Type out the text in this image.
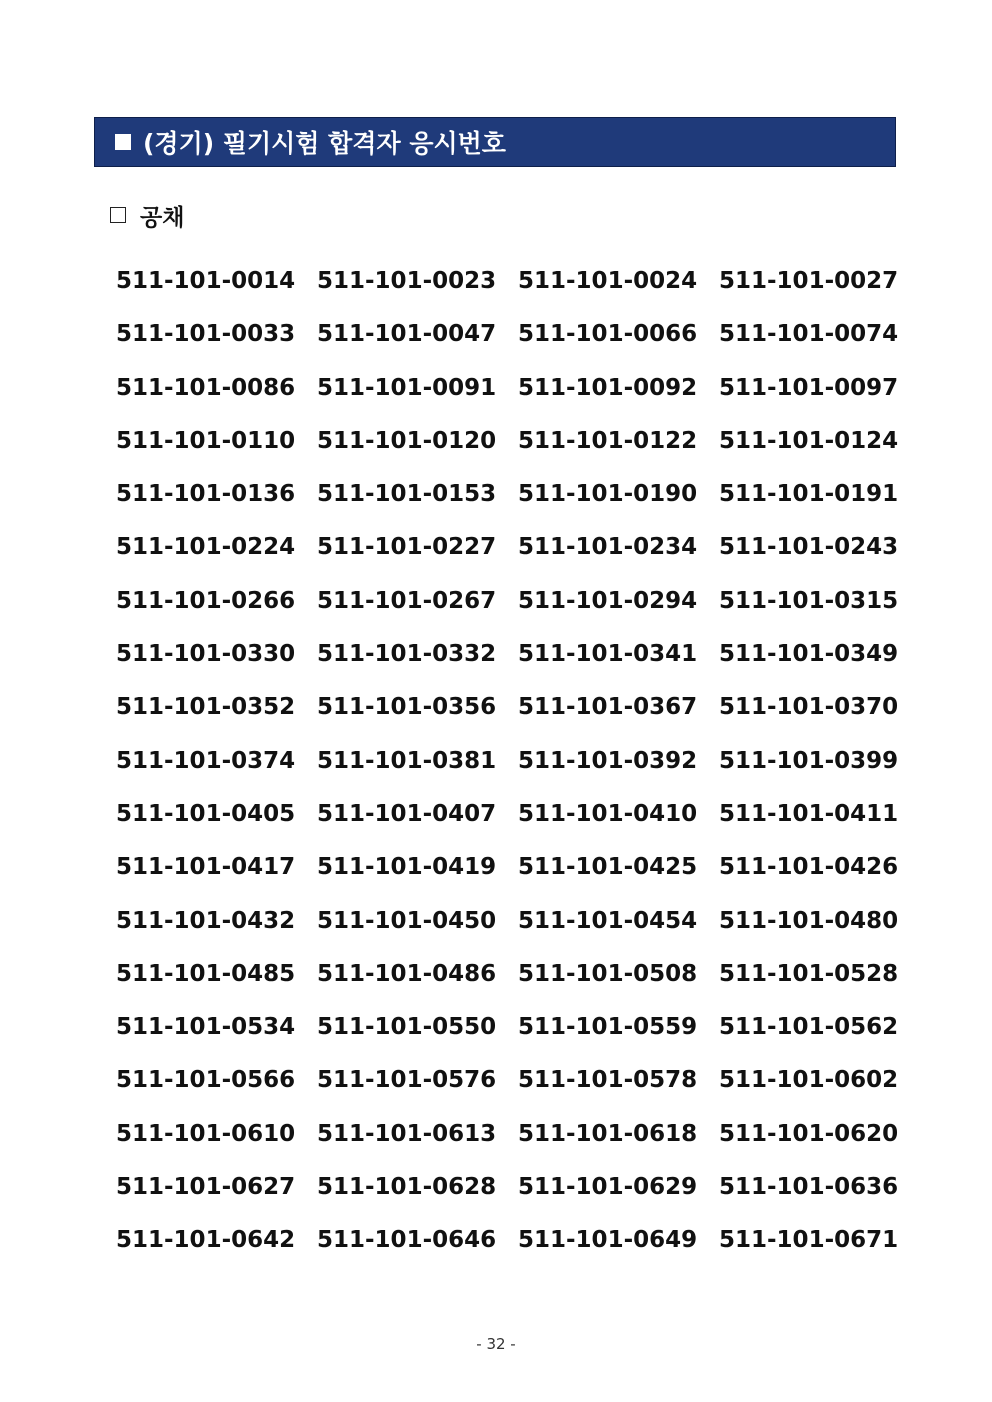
(경기) 필기시험 합격자 응시번호
공채
511-101-0014 511-101-0023 511-101-0024 511-101-0027
511-101-0033 511-101-0047 511-101-0066 511-101-0074
511-101-0086 511-101-0091 511-101-0092 511-101-0097
511-101-0110 511-101-0120 511-101-0122 511-101-0124
511-101-0136 511-101-0153 511-101-0190 511-101-0191
511-101-0224 511-101-0227 511-101-0234 511-101-0243
511-101-0266 511-101-0267 511-101-0294 511-101-0315
511-101-0330 511-101-0332 511-101-0341 511-101-0349
511-101-0352 511-101-0356 511-101-0367 511-101-0370
511-101-0374 511-101-0381 511-101-0392 511-101-0399
511-101-0405 511-101-0407 511-101-0410 511-101-0411
511-101-0417 511-101-0419 511-101-0425 511-101-0426
511-101-0432 511-101-0450 511-101-0454 511-101-0480
511-101-0485 511-101-0486 511-101-0508 511-101-0528
511-101-0534 511-101-0550 511-101-0559 511-101-0562
511-101-0566 511-101-0576 511-101-0578 511-101-0602
511-101-0610 511-101-0613 511-101-0618 511-101-0620
511-101-0627 511-101-0628 511-101-0629 511-101-0636
511-101-0642 511-101-0646 511-101-0649 511-101-0671
- 32 -
